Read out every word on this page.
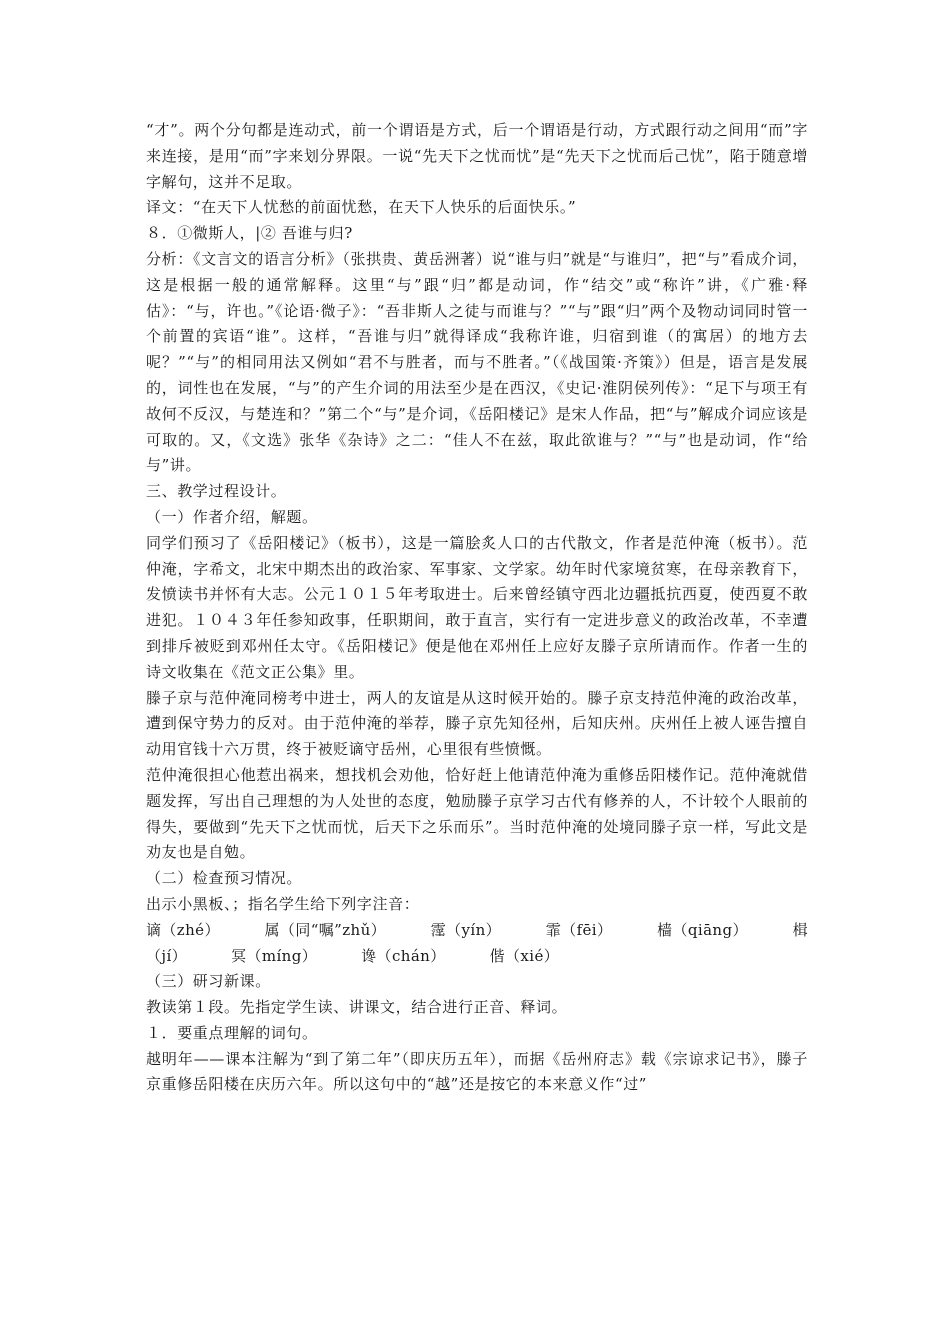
“才”。两个分句都是连动式，前一个谓语是方式，后一个谓语是行动，方式跟行动之间用“而”字来连接，是用“而”字来划分界限。一说“先天下之忧而忧”是“先天下之忧而后己忧”，陷于随意增字解句，这并不足取。

译文：“在天下人忧愁的前面忧愁，在天下人快乐的后面快乐。”

８．①微斯人，|② 吾谁与归?

分析：《文言文的语言分析》（张拱贵、黄岳洲著）说“谁与归”就是“与谁归”，把“与”看成介词，这是根据一般的通常解释。这里“与”跟“归”都是动词，作“结交”或“称许”讲，《广雅·释估》：“与，许也。”《论语·微子》：“吾非斯人之徒与而谁与？”“与”跟“归”两个及物动词同时管一个前置的宾语“谁”。这样，“吾谁与归”就得译成“我称许谁，归宿到谁（的寓居）的地方去呢？”“与”的相同用法又例如“君不与胜者，而与不胜者。”（《战国策·齐策》）但是，语言是发展的，词性也在发展，“与”的产生介词的用法至少是在西汉，《史记·淮阴侯列传》：“足下与项王有故何不反汉，与楚连和？”第二个“与”是介词，《岳阳楼记》是宋人作品，把“与”解成介词应该是可取的。又，《文选》张华《杂诗》之二：“佳人不在兹，取此欲谁与？”“与”也是动词，作“给与”讲。

三、教学过程设计。

（一）作者介绍，解题。

同学们预习了《岳阳楼记》（板书），这是一篇脍炙人口的古代散文，作者是范仲淹（板书）。范仲淹，字希文，北宋中期杰出的政治家、军事家、文学家。幼年时代家境贫寒，在母亲教育下，发愤读书并怀有大志。公元１０１５年考取进士。后来曾经镇守西北边疆抵抗西夏，使西夏不敢进犯。１０４３年任参知政事，任职期间，敢于直言，实行有一定进步意义的政治改革，不幸遭到排斥被贬到邓州任太守。《岳阳楼记》便是他在邓州任上应好友滕子京所请而作。作者一生的诗文收集在《范文正公集》里。

滕子京与范仲淹同榜考中进士，两人的友谊是从这时候开始的。滕子京支持范仲淹的政治改革，遭到保守势力的反对。由于范仲淹的举荐，滕子京先知径州，后知庆州。庆州任上被人诬告擅自动用官钱十六万贯，终于被贬谪守岳州，心里很有些愤慨。

范仲淹很担心他惹出祸来，想找机会劝他，恰好赶上他请范仲淹为重修岳阳楼作记。范仲淹就借题发挥，写出自己理想的为人处世的态度，勉励滕子京学习古代有修养的人，不计较个人眼前的得失，要做到“先天下之忧而忧，后天下之乐而乐”。当时范仲淹的处境同滕子京一样，写此文是劝友也是自勉。

（二）检查预习情况。

出示小黑板、；指名学生给下列字注音：

谪（zhé）	属（同“嘱”zhǔ）	霪（yín）	霏（fēi）	樯（qiāng）	楫
（jí）	冥（míng）	谗（chán）	偕（xié）

（三）研习新课。

教读第１段。先指定学生读、讲课文，结合进行正音、释词。

１．要重点理解的词句。

越明年——课本注解为“到了第二年”（即庆历五年），而据《岳州府志》载《宗谅求记书》，滕子京重修岳阳楼在庆历六年。所以这句中的“越”还是按它的本来意义作“过”
